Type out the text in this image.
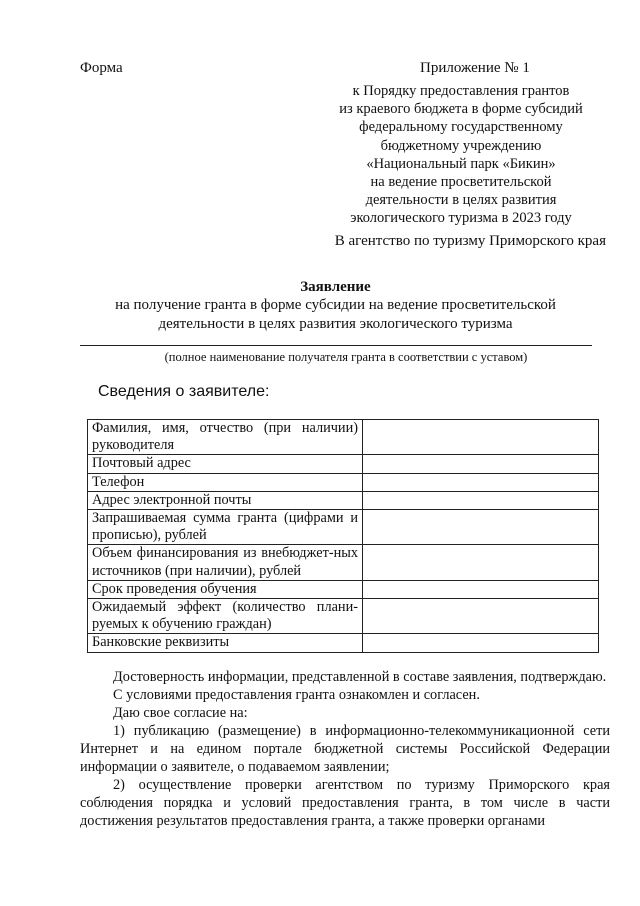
Форма	Приложение № 1
к Порядку предоставления грантов
из краевого бюджета в форме субсидий
федеральному государственному
бюджетному учреждению
«Национальный парк «Бикин»
на ведение просветительской
деятельности в целях развития
экологического туризма в 2023 году
В агентство по туризму Приморского края
Заявление
на получение гранта в форме субсидии на ведение просветительской
деятельности в целях развития экологического туризма
(полное наименование получателя гранта в соответствии с уставом)
Сведения о заявителе:
Фамилия, имя, отчество (при наличии) руководителя	
Почтовый адрес	
Телефон	
Адрес электронной почты	
Запрашиваемая сумма гранта (цифрами и прописью), рублей	
Объем финансирования из внебюджет-ных источников (при наличии), рублей	
Срок проведения обучения	
Ожидаемый эффект (количество плани-руемых к обучению граждан)	
Банковские реквизиты	

Достоверность информации, представленной в составе заявления, подтверждаю.

С условиями предоставления гранта ознакомлен и согласен.

Даю свое согласие на:

1) публикацию (размещение) в информационно-телекоммуникационной сети Интернет и на едином портале бюджетной системы Российской Федерации информации о заявителе, о подаваемом заявлении;

2) осуществление проверки агентством по туризму Приморского края соблюдения порядка и условий предоставления гранта, в том числе в части достижения результатов предоставления гранта, а также проверки органами
